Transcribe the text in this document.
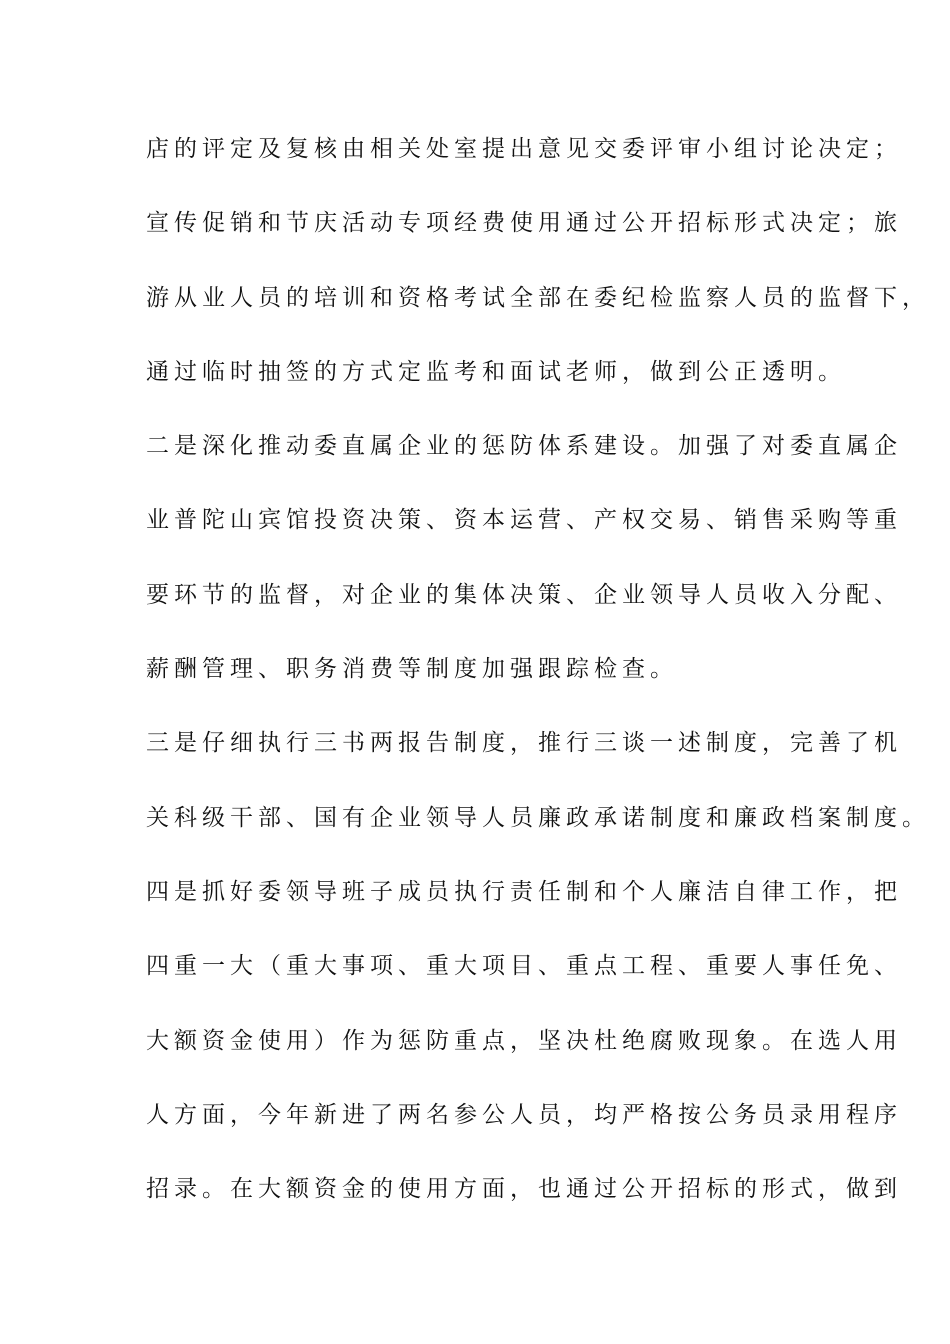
店的评定及复核由相关处室提出意见交委评审小组讨论决定；
宣传促销和节庆活动专项经费使用通过公开招标形式决定；旅
游从业人员的培训和资格考试全部在委纪检监察人员的监督下，
通过临时抽签的方式定监考和面试老师，做到公正透明。
二是深化推动委直属企业的惩防体系建设。加强了对委直属企
业普陀山宾馆投资决策、资本运营、产权交易、销售采购等重
要环节的监督，对企业的集体决策、企业领导人员收入分配、
薪酬管理、职务消费等制度加强跟踪检查。
三是仔细执行三书两报告制度，推行三谈一述制度，完善了机
关科级干部、国有企业领导人员廉政承诺制度和廉政档案制度。
四是抓好委领导班子成员执行责任制和个人廉洁自律工作，把
四重一大（重大事项、重大项目、重点工程、重要人事任免、
大额资金使用）作为惩防重点，坚决杜绝腐败现象。在选人用
人方面，今年新进了两名参公人员，均严格按公务员录用程序
招录。在大额资金的使用方面，也通过公开招标的形式，做到
